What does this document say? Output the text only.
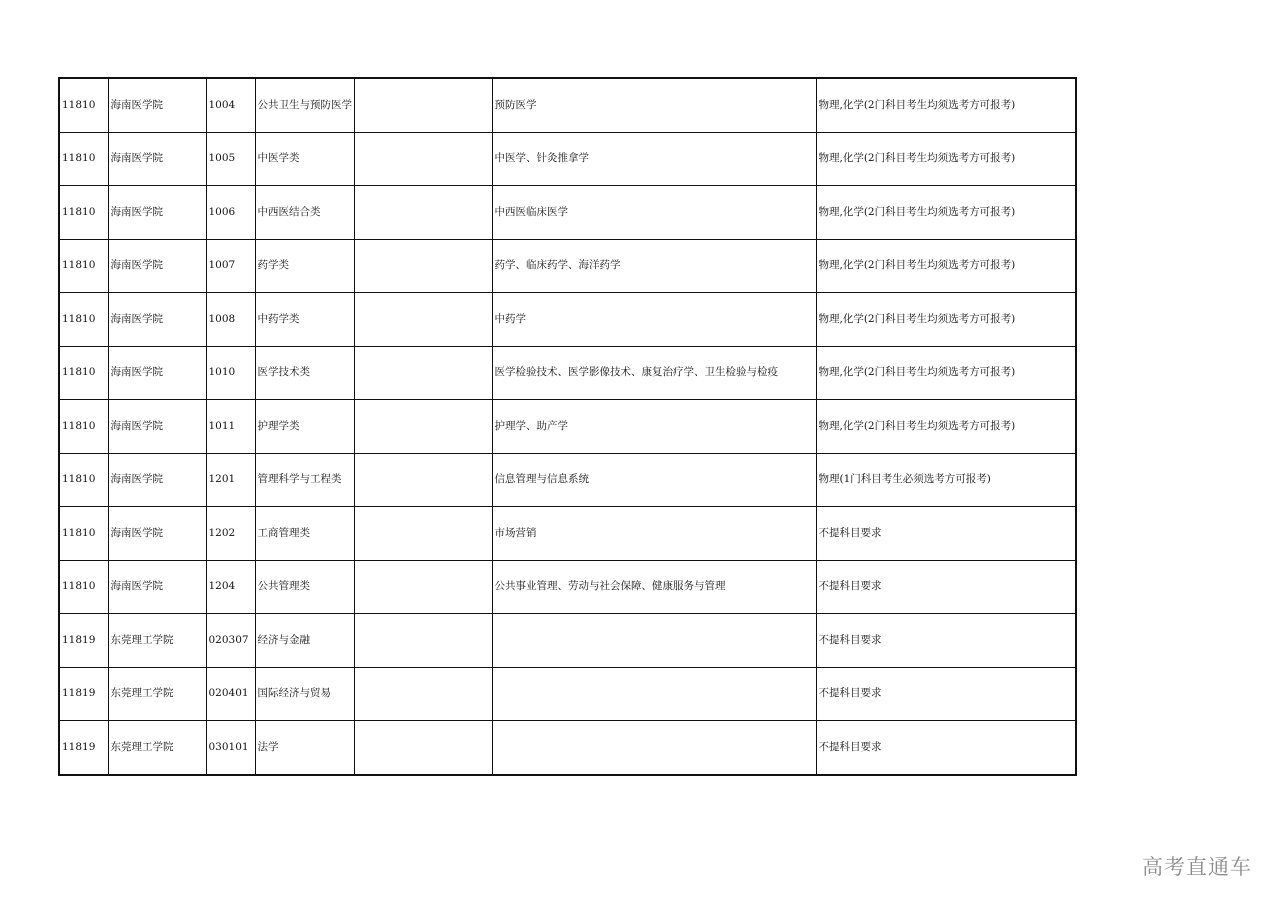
11810	海南医学院	1004	公共卫生与预防医学		预防医学	物理,化学(2门科目考生均须选考方可报考)
11810	海南医学院	1005	中医学类		中医学、针灸推拿学	物理,化学(2门科目考生均须选考方可报考)
11810	海南医学院	1006	中西医结合类		中西医临床医学	物理,化学(2门科目考生均须选考方可报考)
11810	海南医学院	1007	药学类		药学、临床药学、海洋药学	物理,化学(2门科目考生均须选考方可报考)
11810	海南医学院	1008	中药学类		中药学	物理,化学(2门科目考生均须选考方可报考)
11810	海南医学院	1010	医学技术类		医学检验技术、医学影像技术、康复治疗学、卫生检验与检疫	物理,化学(2门科目考生均须选考方可报考)
11810	海南医学院	1011	护理学类		护理学、助产学	物理,化学(2门科目考生均须选考方可报考)
11810	海南医学院	1201	管理科学与工程类		信息管理与信息系统	物理(1门科目考生必须选考方可报考)
11810	海南医学院	1202	工商管理类		市场营销	不提科目要求
11810	海南医学院	1204	公共管理类		公共事业管理、劳动与社会保障、健康服务与管理	不提科目要求
11819	东莞理工学院	020307	经济与金融			不提科目要求
11819	东莞理工学院	020401	国际经济与贸易			不提科目要求
11819	东莞理工学院	030101	法学			不提科目要求
高考直通车
